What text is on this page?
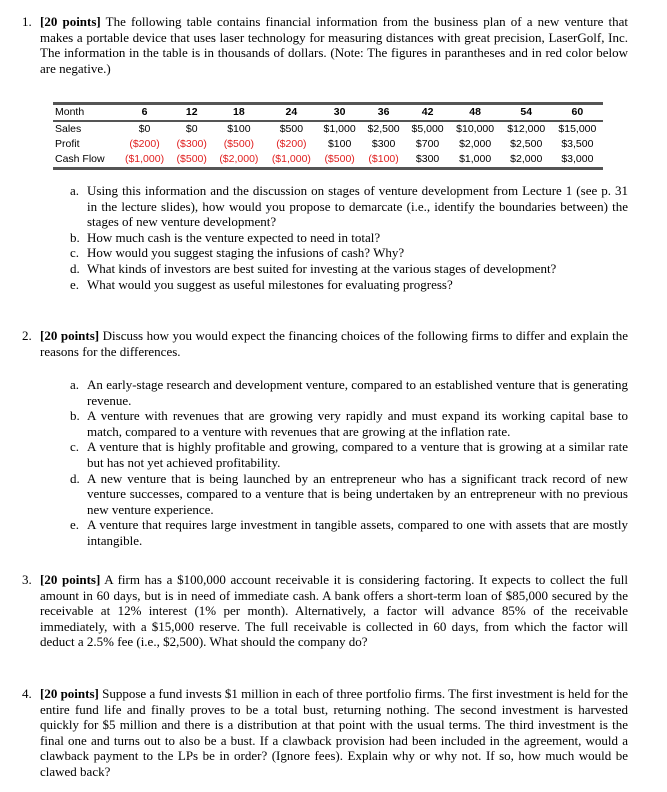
1. [20 points] The following table contains financial information from the business plan of a new venture that makes a portable device that uses laser technology for measuring distances with great precision, LaserGolf, Inc. The information in the table is in thousands of dollars. (Note: The figures in parantheses and in red color below are negative.)
Month	6	12	18	24	30	36	42	48	54	60
Sales	$0	$0	$100	$500	$1,000	$2,500	$5,000	$10,000	$12,000	$15,000
Profit	($200)	($300)	($500)	($200)	$100	$300	$700	$2,000	$2,500	$3,500
Cash Flow	($1,000)	($500)	($2,000)	($1,000)	($500)	($100)	$300	$1,000	$2,000	$3,000
a. Using this information and the discussion on stages of venture development from Lecture 1 (see p. 31 in the lecture slides), how would you propose to demarcate (i.e., identify the boundaries between) the stages of new venture development?
b. How much cash is the venture expected to need in total?
c. How would you suggest staging the infusions of cash? Why?
d. What kinds of investors are best suited for investing at the various stages of development?
e. What would you suggest as useful milestones for evaluating progress?
2. [20 points] Discuss how you would expect the financing choices of the following firms to differ and explain the reasons for the differences.
a. An early-stage research and development venture, compared to an established venture that is generating revenue.
b. A venture with revenues that are growing very rapidly and must expand its working capital base to match, compared to a venture with revenues that are growing at the inflation rate.
c. A venture that is highly profitable and growing, compared to a venture that is growing at a similar rate but has not yet achieved profitability.
d. A new venture that is being launched by an entrepreneur who has a significant track record of new venture successes, compared to a venture that is being undertaken by an entrepreneur with no previous new venture experience.
e. A venture that requires large investment in tangible assets, compared to one with assets that are mostly intangible.
3. [20 points] A firm has a $100,000 account receivable it is considering factoring. It expects to collect the full amount in 60 days, but is in need of immediate cash. A bank offers a short-term loan of $85,000 secured by the receivable at 12% interest (1% per month). Alternatively, a factor will advance 85% of the receivable immediately, with a $15,000 reserve. The full receivable is collected in 60 days, from which the factor will deduct a 2.5% fee (i.e., $2,500). What should the company do?
4. [20 points] Suppose a fund invests $1 million in each of three portfolio firms. The first investment is held for the entire fund life and finally proves to be a total bust, returning nothing. The second investment is harvested quickly for $5 million and there is a distribution at that point with the usual terms. The third investment is the final one and turns out to also be a bust. If a clawback provision had been included in the agreement, would a clawback payment to the LPs be in order? (Ignore fees). Explain why or why not. If so, how much would be clawed back?
